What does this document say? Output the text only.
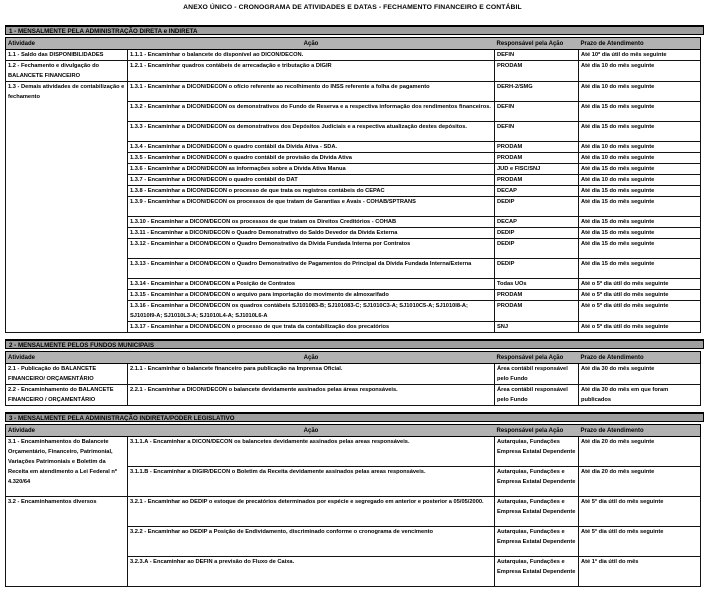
ANEXO ÚNICO - CRONOGRAMA DE ATIVIDADES E DATAS - FECHAMENTO FINANCEIRO E CONTÁBIL
1 - MENSALMENTE PELA ADMINISTRAÇÃO DIRETA e INDIRETA
Atividade	Ação	Responsável pela Ação	Prazo de Atendimento
1.1 - Saldo das DISPONIBILIDADES	1.1.1 - Encaminhar o balancete do disponível ao DICON/DECON.	DEFIN	Até 10º dia útil do mês seguinte
1.2 - Fechamento e divulgação do BALANCETE FINANCEIRO	1.2.1 - Encaminhar quadros contábeis de arrecadação e tributação a DIGIR	PRODAM	Até dia 10 do mês seguinte
1.3 - Demais atividades de contabilização e fechamento	1.3.1 - Encaminhar a DICON/DECON o ofício referente ao recolhimento do INSS referente a folha de pagamento	DERH-2/SMG	Até dia 10 do mês seguinte
	1.3.2 - Encaminhar a DICON/DECON os demonstrativos do Fundo de Reserva e a respectiva informação dos rendimentos financeiros.	DEFIN	Até dia 15 do mês seguinte
	1.3.3 - Encaminhar a DICON/DECON os demonstrativos dos Depósitos Judiciais e a respectiva atualização destes depósitos.	DEFIN	Até dia 15 do mês seguinte
	1.3.4 - Encaminhar a DICON/DECON o quadro contábil da Dívida Ativa - SDA.	PRODAM	Até dia 10 do mês seguinte
	1.3.5 - Encaminhar a DICON/DECON o quadro contábil de provisão da Dívida Ativa	PRODAM	Até dia 10 do mês seguinte
	1.3.6 - Encaminhar a DICON/DECON as informações sobre a Dívida Ativa Manua	JUD e FISC/SNJ	Até dia 15 do mês seguinte
	1.3.7 - Encaminhar a DICON/DECON o quadro contábil do DAT	PRODAM	Até dia 10 do mês seguinte
	1.3.8 - Encaminhar a DICON/DECON o processo de que trata os registros contábeis do CEPAC	DECAP	Até dia 15 do mês seguinte
	1.3.9 - Encaminhar a DICON/DECON os processos de que tratam de Garantias e Avais - COHAB/SPTRANS	DEDIP	Até dia 15 do mês seguinte
	1.3.10 - Encaminhar a DICON/DECON os processos de que tratam os Direitos Creditórios - COHAB	DECAP	Até dia 15 do mês seguinte
	1.3.11 - Encaminhar a DICON/DECON o Quadro Demonstrativo do Saldo Devedor da Dívida Externa	DEDIP	Até dia 15 do mês seguinte
	1.3.12 - Encaminhar a DICON/DECON o Quadro Demonstrativo da Dívida Fundada Interna por Contratos	DEDIP	Até dia 15 do mês seguinte
	1.3.13 - Encaminhar a DICON/DECON o Quadro Demonstrativo de Pagamentos do Principal da Dívida Fundada Interna/Externa	DEDIP	Até dia 15 do mês seguinte
	1.3.14 - Encaminhar a DICON/DECON a Posição de Contratos	Todas UOs	Até o 5º dia útil do mês seguinte
	1.3.15 - Encaminhar a DICON/DECON o arquivo para importação do movimento de almoxarifado	PRODAM	Até o 5º dia útil do mês seguinte
	1.3.16 - Encaminhar a DICON/DECON os quadros contábeis SJ101083-B; SJ101083-C; SJ1010C3-A; SJ1010C5-A; SJ1010I8-A; SJ1010I9-A; SJ1010L3-A; SJ1010L4-A; SJ1010L6-A	PRODAM	Até o 5º dia útil do mês seguinte
	1.3.17 - Encaminhar a DICON/DECON o processo de que trata da contabilização dos precatórios	SNJ	Até o 5º dia útil do mês seguinte
2 - MENSALMENTE PELOS FUNDOS MUNICIPAIS
Atividade	Ação	Responsável pela Ação	Prazo de Atendimento
2.1 - Publicação do BALANCETE FINANCEIRO/ ORÇAMENTÁRIO	2.1.1 - Encaminhar o balancete financeiro para publicação na Imprensa Oficial.	Área contábil responsável pelo Fundo	Até dia 30 do mês seguinte
2.2 - Encaminhamento do BALANCETE FINANCEIRO / ORÇAMENTÁRIO	2.2.1 - Encaminhar a DICON/DECON o balancete devidamente assinados pelas áreas responsáveis.	Área contábil responsável pelo Fundo	Até dia 30 do mês em que foram publicados
3 - MENSALMENTE PELA ADMINISTRAÇÃO INDIRETA/PODER LEGISLATIVO
Atividade	Ação	Responsável pela Ação	Prazo de Atendimento
3.1 - Encaminhamentos do Balancete Orçamentário, Financeiro, Patrimonial, Variações Patrimoniais e Boletim da Receita em atendimento a Lei Federal nº 4.320/64	3.1.1.A - Encaminhar a DICON/DECON os balancetes devidamente assinados pelas areas responsáveis.	Autarquias, Fundações Empresa Estatal Dependente	Até dia 20 do mês seguinte
	3.1.1.B - Encaminhar a DIGIR/DECON o Boletim da Receita devidamente assinados pelas areas responsáveis.	Autarquias, Fundações e Empresa Estatal Dependente	Até dia 20 do mês seguinte
3.2 - Encaminhamentos diversos	3.2.1 - Encaminhar ao DEDIP o estoque de precatórios determinados por espécie e segregado em anterior e posterior a 05/05/2000.	Autarquias, Fundações e Empresa Estatal Dependente	Até 5ª dia útil do mês seguinte
	3.2.2 - Encaminhar ao DEDIP a Posição de Endividamento, discriminado conforme o cronograma de vencimento	Autarquias, Fundações e Empresa Estatal Dependente	Até 5ª dia útil do mês seguinte
	3.2.3.A - Encaminhar ao DEFIN a previsão do Fluxo de Caixa.	Autarquias, Fundações e Empresa Estatal Dependente	Até 1ª dia útil do mês
